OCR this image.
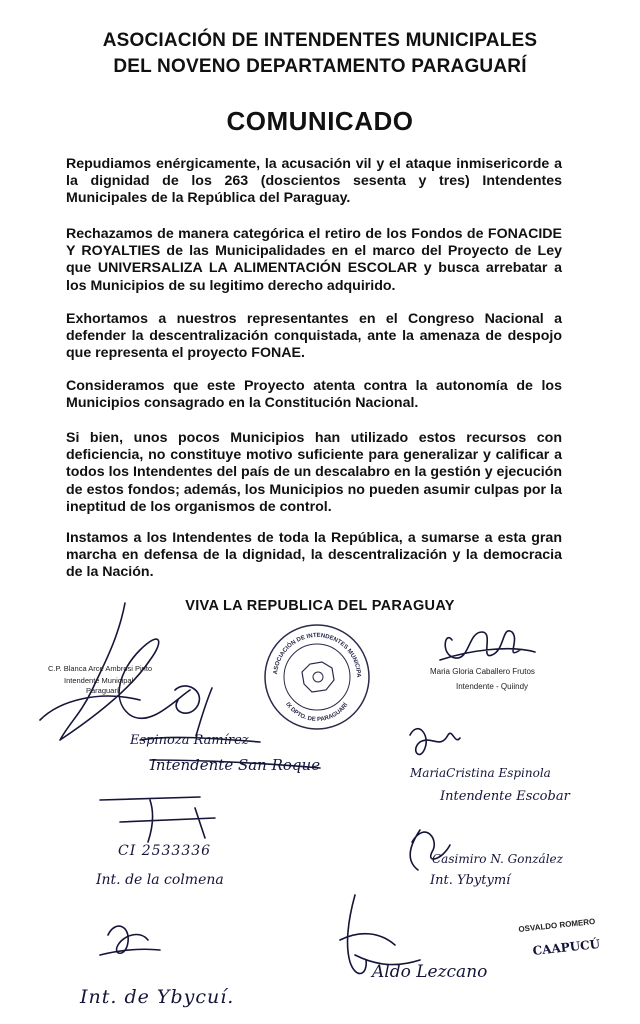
ASOCIACIÓN DE INTENDENTES MUNICIPALES
DEL NOVENO DEPARTAMENTO PARAGUARÍ
COMUNICADO
Repudiamos enérgicamente, la acusación vil y el ataque inmisericorde a la dignidad de los 263 (doscientos sesenta y tres) Intendentes Municipales de la República del Paraguay.
Rechazamos de manera categórica el retiro de los Fondos de FONACIDE Y ROYALTIES de las Municipalidades en el marco del Proyecto de Ley que UNIVERSALIZA LA ALIMENTACIÓN ESCOLAR y busca arrebatar a los Municipios de su legitimo derecho adquirido.
Exhortamos a nuestros representantes en el Congreso Nacional a defender la descentralización conquistada, ante la amenaza de despojo que representa el proyecto FONAE.
Consideramos que este Proyecto atenta contra la autonomía de los Municipios consagrado en la Constitución Nacional.
Si bien, unos pocos Municipios han utilizado estos recursos con deficiencia, no constituye motivo suficiente para generalizar y calificar a todos los Intendentes del país de un descalabro en la gestión y ejecución de estos fondos; además, los Municipios no pueden asumir culpas por la ineptitud de los organismos de control.
Instamos a los Intendentes de toda la República, a sumarse a esta gran marcha en defensa de la dignidad, la descentralización y la democracia de la Nación.
VIVA LA REPUBLICA DEL PARAGUAY
ASOCIACIÓN DE INTENDENTES MUNICIPA
IX DPTO. DE PARAGUARÍ
C.P. Blanca Arce Ambrosi Pinto
Intendente Municipal
Paraguarí
Maria Gloria Caballero Frutos
Intendente - Quiindy
Espinoza Ramírez
Intendente San Roque	MariaCristina Espinola
Intendente Escobar
CI 2533336
Int. de la colmena
Casimiro N. González
Int. Ybytymí
Int. de Ybycuí.
Aldo Lezcano
OSVALDO ROMERO
CAAPUCÚ
